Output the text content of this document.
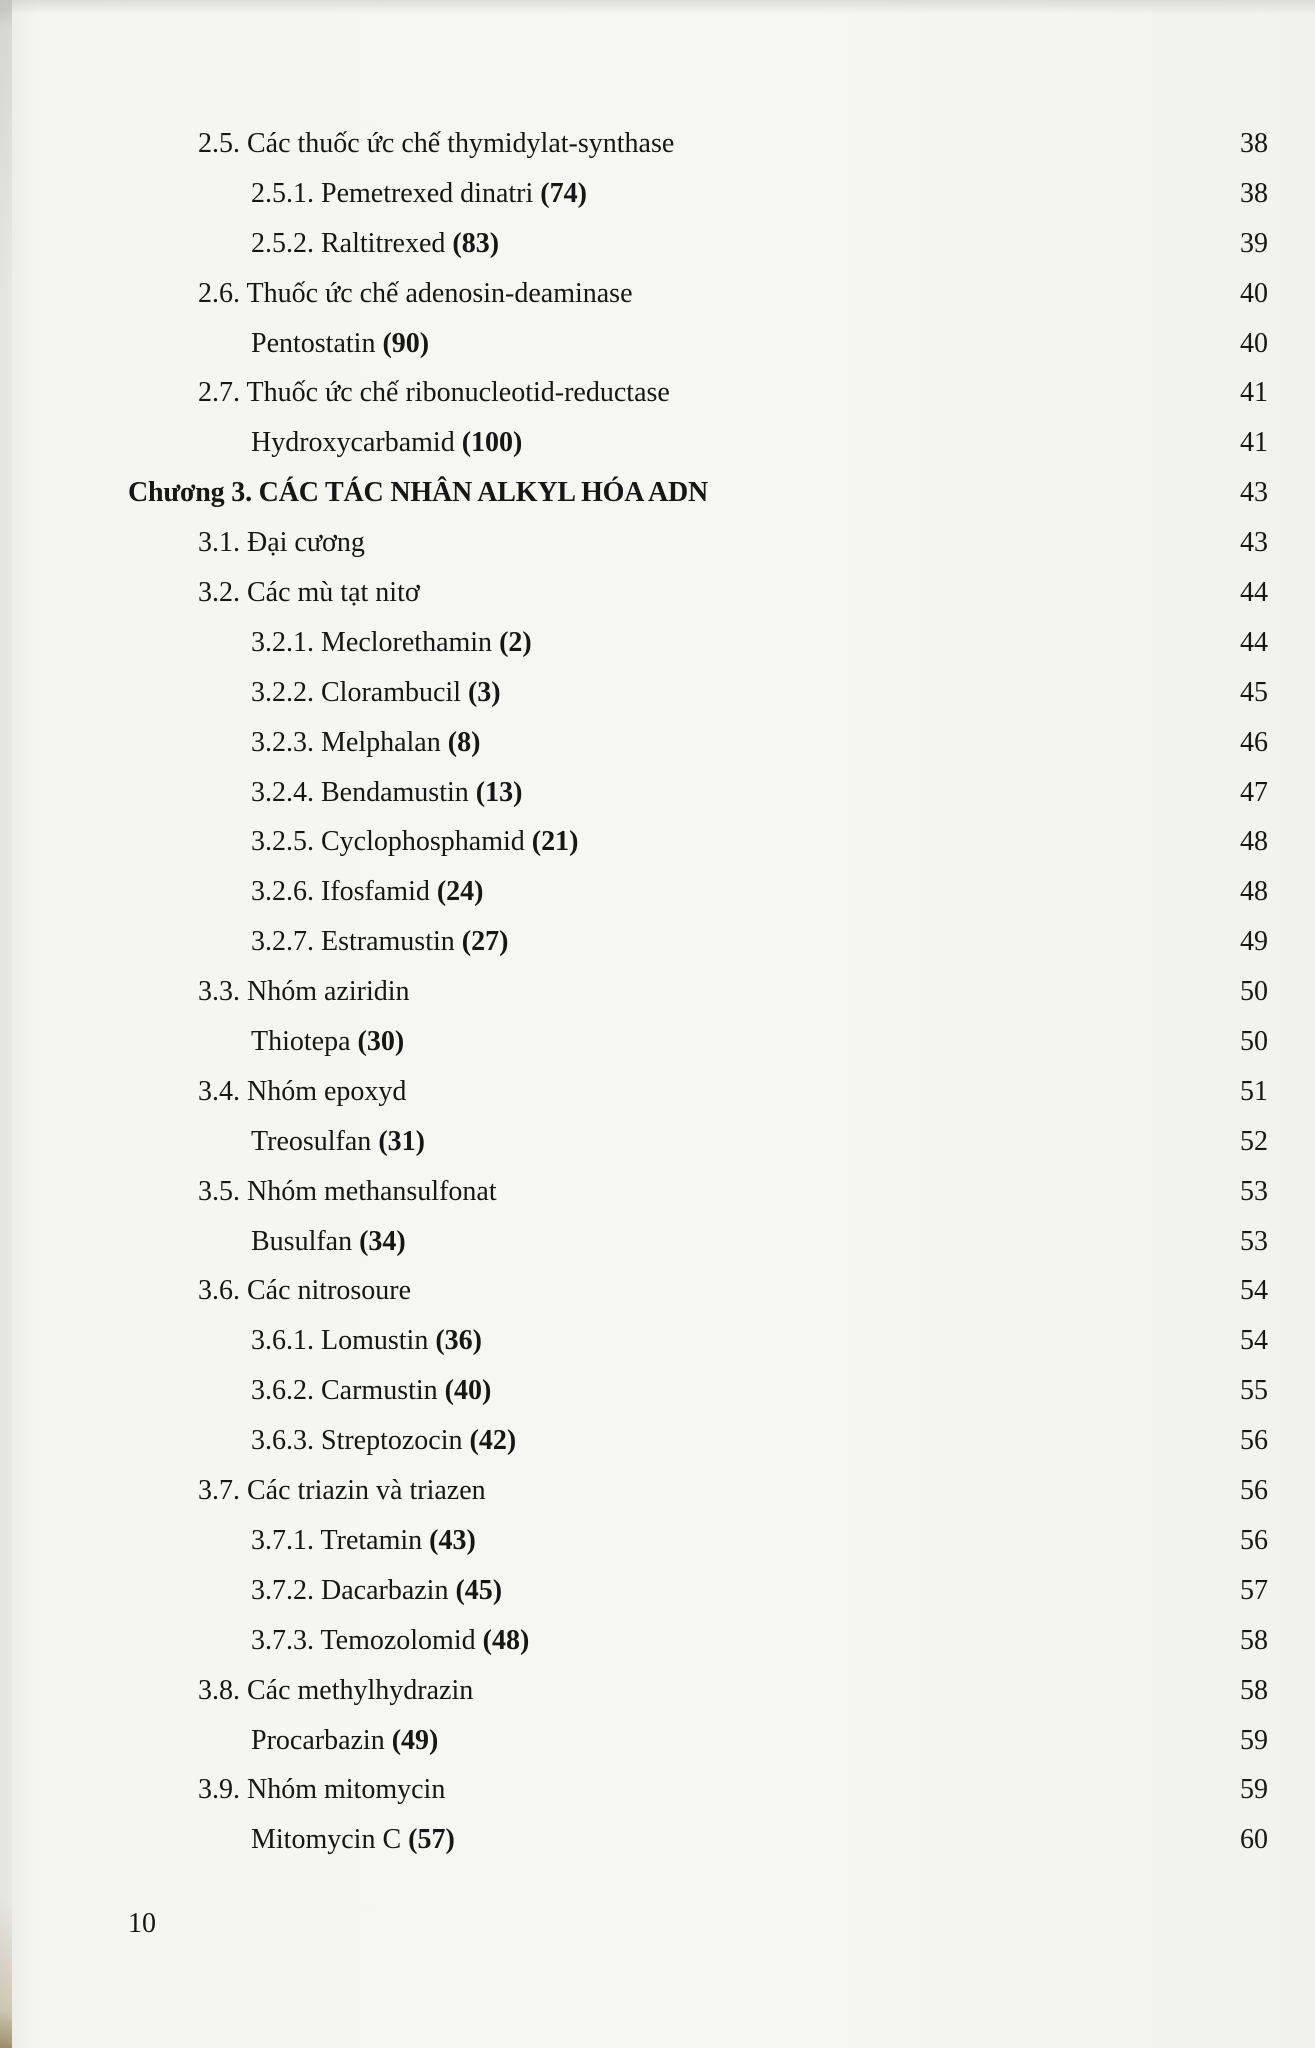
2.5. Các thuốc ức chế thymidylat-synthase	38
2.5.1. Pemetrexed dinatri (74)	38
2.5.2. Raltitrexed (83)	39
2.6. Thuốc ức chế adenosin-deaminase	40
Pentostatin (90)	40
2.7. Thuốc ức chế ribonucleotid-reductase	41
Hydroxycarbamid (100)	41
Chương 3. CÁC TÁC NHÂN ALKYL HÓA ADN	43
3.1. Đại cương	43
3.2. Các mù tạt nitơ	44
3.2.1. Meclorethamin (2)	44
3.2.2. Clorambucil (3)	45
3.2.3. Melphalan (8)	46
3.2.4. Bendamustin (13)	47
3.2.5. Cyclophosphamid (21)	48
3.2.6. Ifosfamid (24)	48
3.2.7. Estramustin (27)	49
3.3. Nhóm aziridin	50
Thiotepa (30)	50
3.4. Nhóm epoxyd	51
Treosulfan (31)	52
3.5. Nhóm methansulfonat	53
Busulfan (34)	53
3.6. Các nitrosoure	54
3.6.1. Lomustin (36)	54
3.6.2. Carmustin (40)	55
3.6.3. Streptozocin (42)	56
3.7. Các triazin và triazen	56
3.7.1. Tretamin (43)	56
3.7.2. Dacarbazin (45)	57
3.7.3. Temozolomid (48)	58
3.8. Các methylhydrazin	58
Procarbazin (49)	59
3.9. Nhóm mitomycin	59
Mitomycin C (57)	60
10
